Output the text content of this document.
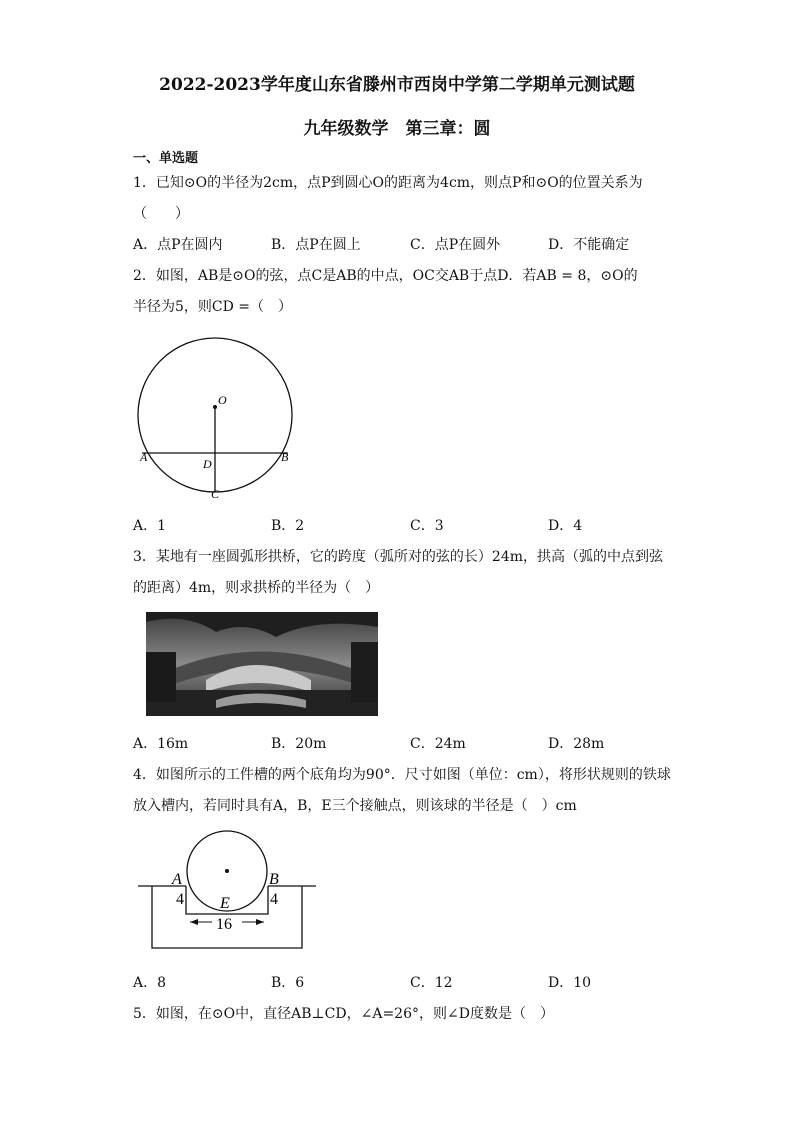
2022-2023学年度山东省滕州市西岗中学第二学期单元测试题
九年级数学　第三章：圆
一、单选题
1．已知⊙O的半径为2cm，点P到圆心O的距离为4cm，则点P和⊙O的位置关系为
（　　）
A．点P在圆内	B．点P在圆上	C．点P在圆外	D．不能确定
2．如图，AB是⊙O的弦，点C是AB的中点，OC交AB于点D．若AB = 8，⊙O的
半径为5，则CD =（　）
O
A	B
D
C
A．1	B．2	C．3	D．4
3．某地有一座圆弧形拱桥，它的跨度（弧所对的弦的长）24m，拱高（弧的中点到弦
的距离）4m，则求拱桥的半径为（　）
A．16m	B．20m	C．24m	D．28m
4．如图所示的工件槽的两个底角均为90°．尺寸如图（单位：cm），将形状规则的铁球
放入槽内，若同时具有A，B，E三个接触点，则该球的半径是（　）cm
A	B
E
4	4
16
A．8	B．6	C．12	D．10
5．如图，在⊙O中，直径AB⊥CD，∠A=26°，则∠D度数是（　）
